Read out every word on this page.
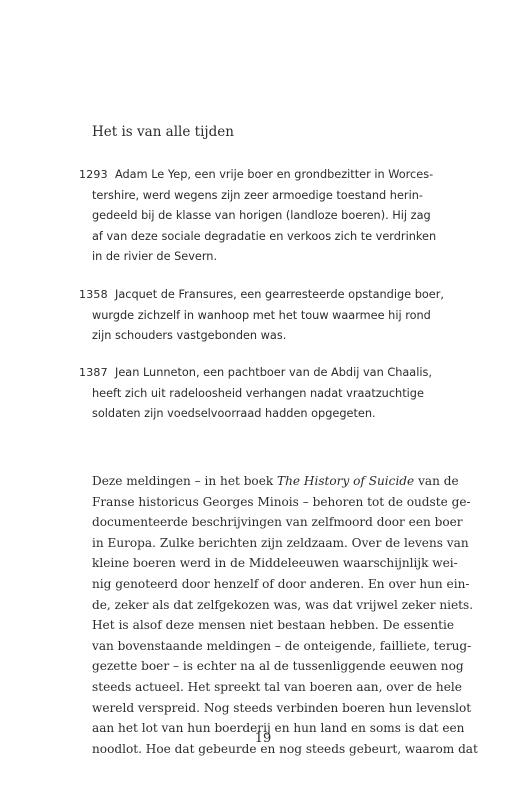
Het is van alle tijden
1293 Adam Le Yep, een vrije boer en grondbezitter in Worces-
tershire, werd wegens zijn zeer armoedige toestand herin-
gedeeld bij de klasse van horigen (landloze boeren). Hij zag
af van deze sociale degradatie en verkoos zich te verdrinken
in de rivier de Severn.
1358 Jacquet de Fransures, een gearresteerde opstandige boer,
wurgde zichzelf in wanhoop met het touw waarmee hij rond
zijn schouders vastgebonden was.
1387 Jean Lunneton, een pachtboer van de Abdij van Chaalis,
heeft zich uit radeloosheid verhangen nadat vraatzuchtige
soldaten zijn voedselvoorraad hadden opgegeten.
Deze meldingen – in het boek The History of Suicide van de
Franse historicus Georges Minois – behoren tot de oudste ge-
documenteerde beschrijvingen van zelfmoord door een boer
in Europa. Zulke berichten zijn zeldzaam. Over de levens van
kleine boeren werd in de Middeleeuwen waarschijnlijk wei-
nig genoteerd door henzelf of door anderen. En over hun ein-
de, zeker als dat zelfgekozen was, was dat vrijwel zeker niets.
Het is alsof deze mensen niet bestaan hebben. De essentie
van bovenstaande meldingen – de onteigende, failliete, terug-
gezette boer – is echter na al de tussenliggende eeuwen nog
steeds actueel. Het spreekt tal van boeren aan, over de hele
wereld verspreid. Nog steeds verbinden boeren hun levenslot
aan het lot van hun boerderij en hun land en soms is dat een
noodlot. Hoe dat gebeurde en nog steeds gebeurt, waarom dat
19
